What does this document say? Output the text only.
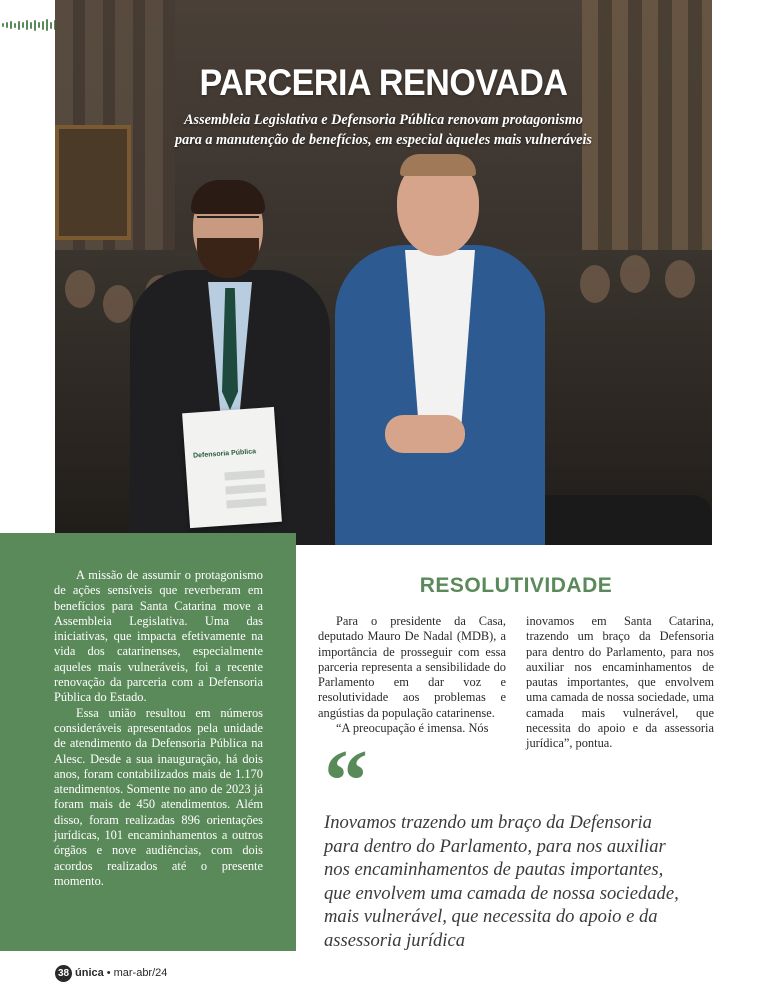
Defensoria Pública
PARCERIA RENOVADA
Assembleia Legislativa e Defensoria Pública renovam protagonismo
para a manutenção de benefícios, em especial àqueles mais vulneráveis

A missão de assumir o protagonismo de ações sensíveis que reverberam em benefícios para Santa Catarina move a Assembleia Legislativa. Uma das iniciativas, que impacta efetivamente na vida dos catarinenses, especialmente aqueles mais vulneráveis, foi a recente renovação da parceria com a Defensoria Pública do Estado.

Essa união resultou em números consideráveis apresentados pela unidade de atendimento da Defensoria Pública na Alesc. Desde a sua inauguração, há dois anos, foram contabilizados mais de 1.170 atendimentos. Somente no ano de 2023 já foram mais de 450 atendimentos. Além disso, foram realizadas 896 orientações jurídicas, 101 encaminhamentos a outros órgãos e nove audiências, com dois acordos realizados até o presente momento.

RESOLUTIVIDADE

Para o presidente da Casa, deputado Mauro De Nadal (MDB), a importância de prosseguir com essa parceria representa a sensibilidade do Parlamento em dar voz e resolutividade aos problemas e angústias da população catarinense.

“A preocupação é imensa. Nós

inovamos em Santa Catarina, trazendo um braço da Defensoria para dentro do Parlamento, para nos auxiliar nos encaminhamentos de pautas importantes, que envolvem uma camada de nossa sociedade, uma camada mais vulnerável, que necessita do apoio e da assessoria jurídica”, pontua.

“
Inovamos trazendo um braço da Defensoria para dentro do Parlamento, para nos auxiliar nos encaminhamentos de pautas importantes, que envolvem uma camada de nossa sociedade, mais vulnerável, que necessita do apoio e da assessoria jurídica
38 única • mar-abr/24
